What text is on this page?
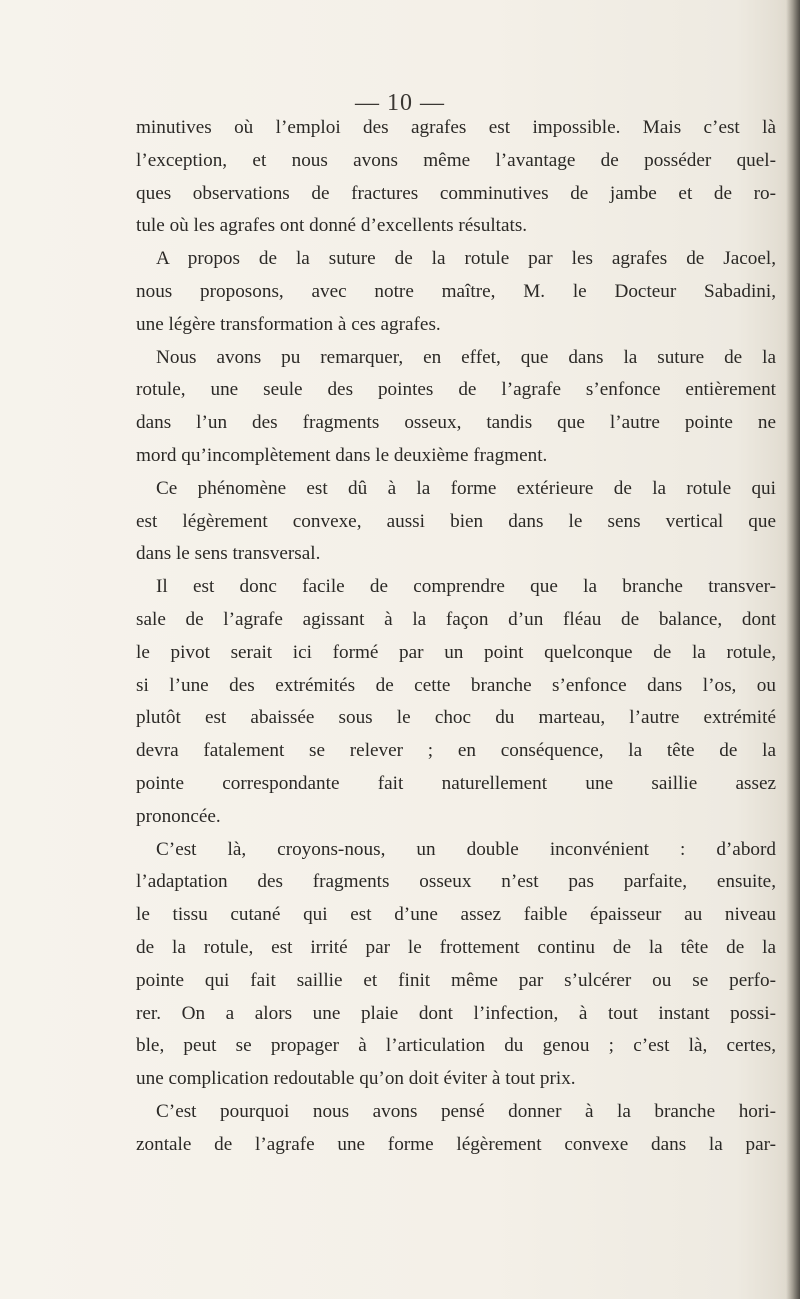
— 10 —
minutives où l’emploi des agrafes est impossible. Mais c’est là
l’exception, et nous avons même l’avantage de posséder quel-
ques observations de fractures comminutives de jambe et de ro-
tule où les agrafes ont donné d’excellents résultats.
A propos de la suture de la rotule par les agrafes de Jacoel,
nous proposons, avec notre maître, M. le Docteur Sabadini,
une légère transformation à ces agrafes.
Nous avons pu remarquer, en effet, que dans la suture de la
rotule, une seule des pointes de l’agrafe s’enfonce entièrement
dans l’un des fragments osseux, tandis que l’autre pointe ne
mord qu’incomplètement dans le deuxième fragment.
Ce phénomène est dû à la forme extérieure de la rotule qui
est légèrement convexe, aussi bien dans le sens vertical que
dans le sens transversal.
Il est donc facile de comprendre que la branche transver-
sale de l’agrafe agissant à la façon d’un fléau de balance, dont
le pivot serait ici formé par un point quelconque de la rotule,
si l’une des extrémités de cette branche s’enfonce dans l’os, ou
plutôt est abaissée sous le choc du marteau, l’autre extrémité
devra fatalement se relever ; en conséquence, la tête de la
pointe correspondante fait naturellement une saillie assez
prononcée.
C’est là, croyons-nous, un double inconvénient : d’abord
l’adaptation des fragments osseux n’est pas parfaite, ensuite,
le tissu cutané qui est d’une assez faible épaisseur au niveau
de la rotule, est irrité par le frottement continu de la tête de la
pointe qui fait saillie et finit même par s’ulcérer ou se perfo-
rer. On a alors une plaie dont l’infection, à tout instant possi-
ble, peut se propager à l’articulation du genou ; c’est là, certes,
une complication redoutable qu’on doit éviter à tout prix.
C’est pourquoi nous avons pensé donner à la branche hori-
zontale de l’agrafe une forme légèrement convexe dans la par-
